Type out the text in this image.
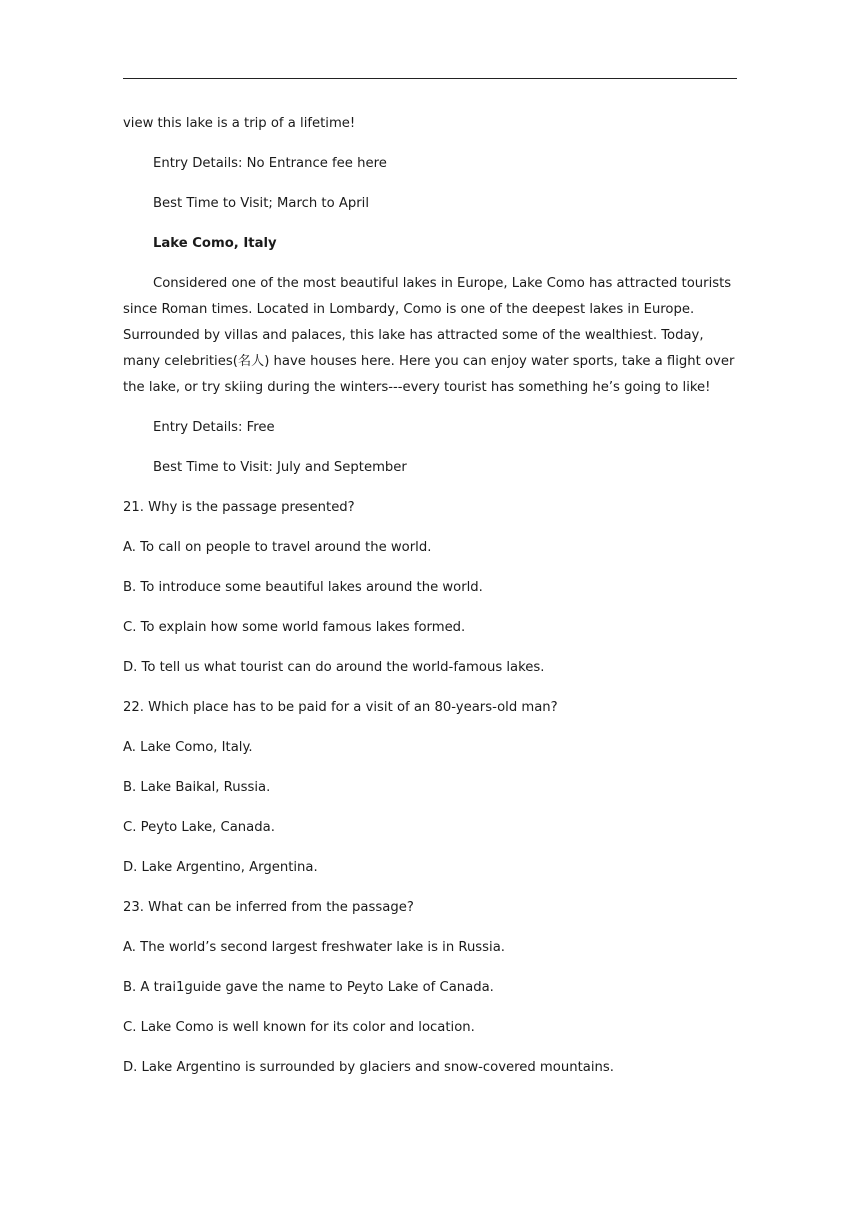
view this lake is a trip of a lifetime!

Entry Details: No Entrance fee here

Best Time to Visit; March to April

Lake Como, Italy

Considered one of the most beautiful lakes in Europe, Lake Como has attracted tourists since Roman times. Located in Lombardy, Como is one of the deepest lakes in Europe. Surrounded by villas and palaces, this lake has attracted some of the wealthiest. Today, many celebrities(名人) have houses here. Here you can enjoy water sports, take a flight over the lake, or try skiing during the winters---every tourist has something he’s going to like!

Entry Details: Free

Best Time to Visit: July and September

21. Why is the passage presented?

A. To call on people to travel around the world.

B. To introduce some beautiful lakes around the world.

C. To explain how some world famous lakes formed.

D. To tell us what tourist can do around the world-famous lakes.

22. Which place has to be paid for a visit of an 80-years-old man?

A. Lake Como, Italy.

B. Lake Baikal, Russia.

C. Peyto Lake, Canada.

D. Lake Argentino, Argentina.

23. What can be inferred from the passage?

A. The world’s second largest freshwater lake is in Russia.

B. A trai1guide gave the name to Peyto Lake of Canada.

C. Lake Como is well known for its color and location.

D. Lake Argentino is surrounded by glaciers and snow-covered mountains.
